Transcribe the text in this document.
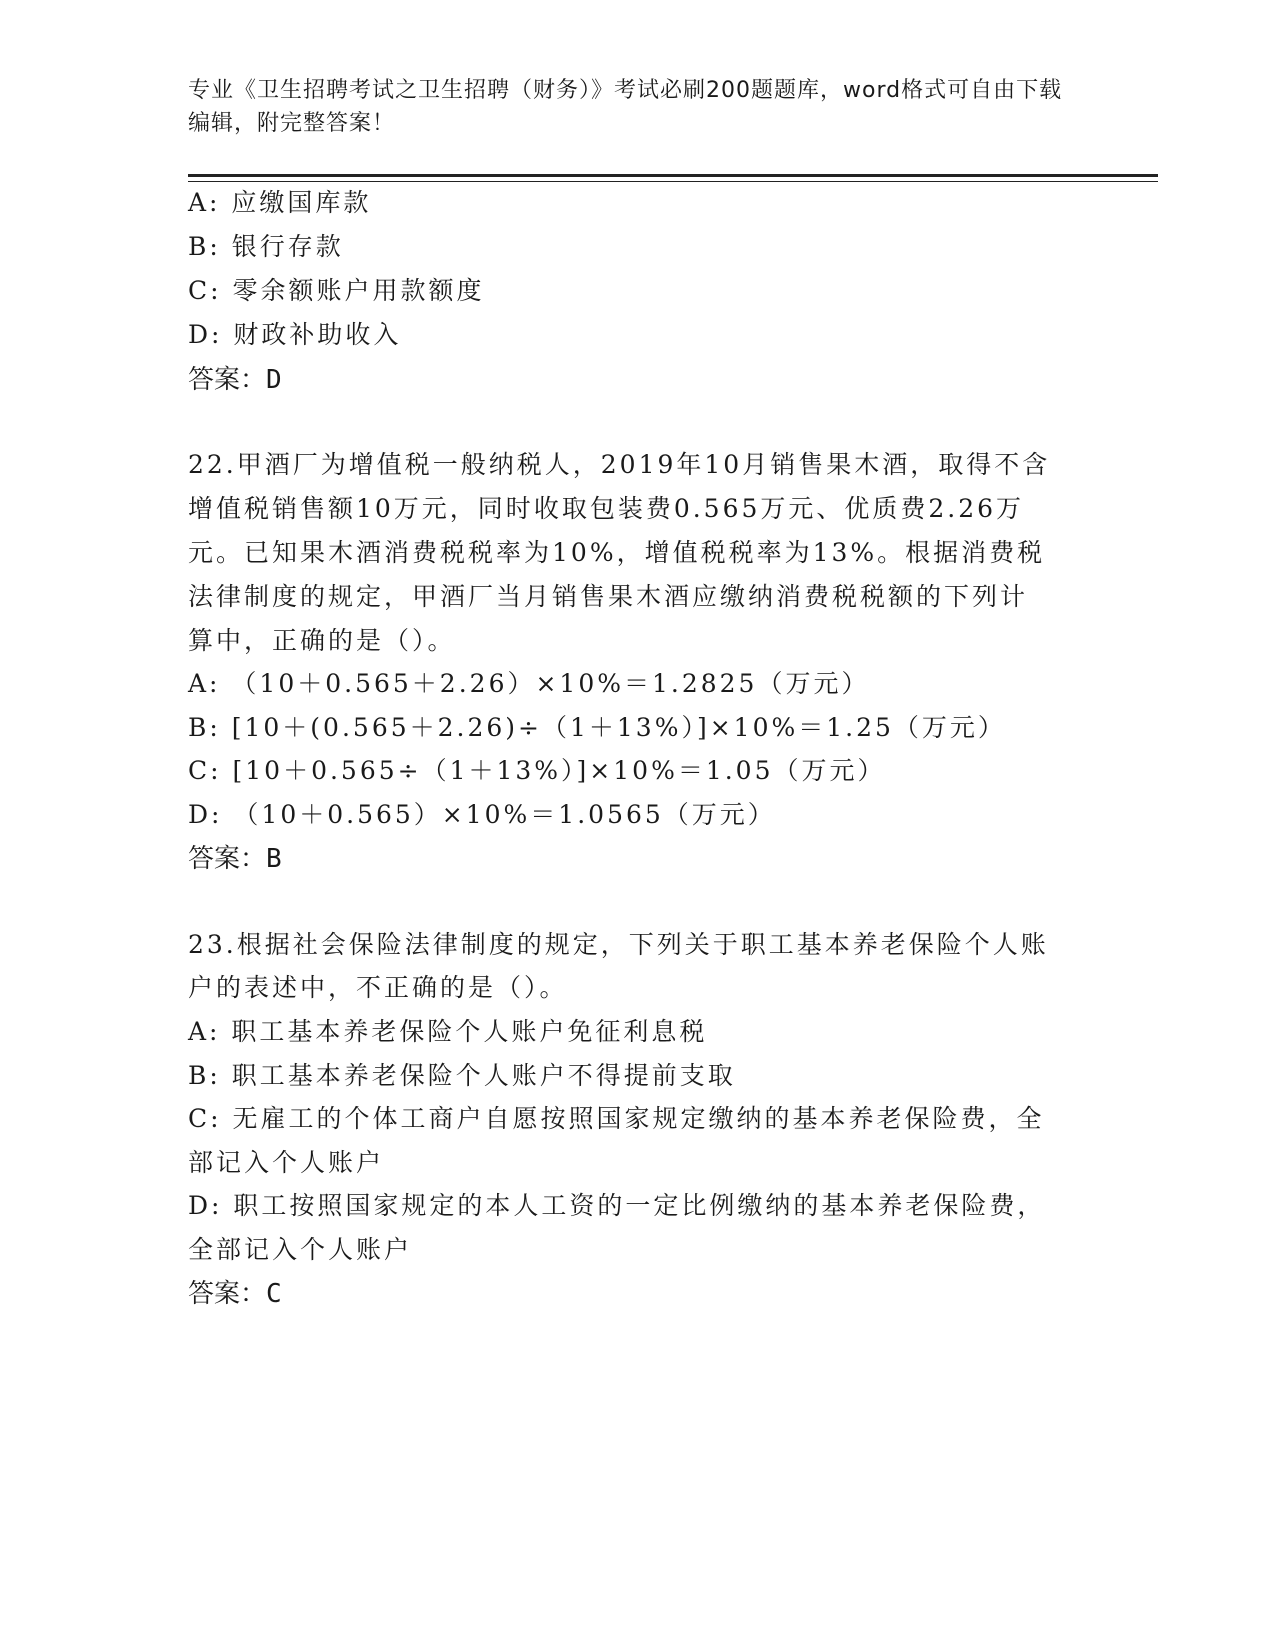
专业《卫生招聘考试之卫生招聘（财务）》考试必刷200题题库，word格式可自由下载编辑，附完整答案！
A: 应缴国库款
B: 银行存款
C: 零余额账户用款额度
D: 财政补助收入
答案：D
22.甲酒厂为增值税一般纳税人，2019年10月销售果木酒，取得不含
增值税销售额10万元，同时收取包装费0.565万元、优质费2.26万
元。已知果木酒消费税税率为10%，增值税税率为13%。根据消费税
法律制度的规定，甲酒厂当月销售果木酒应缴纳消费税税额的下列计
算中，正确的是（）。
A: （10＋0.565＋2.26）×10%＝1.2825（万元）
B: [10＋(0.565＋2.26)÷（1＋13%）]×10%＝1.25（万元）
C: [10＋0.565÷（1＋13%）]×10%＝1.05（万元）
D: （10＋0.565）×10%＝1.0565（万元）
答案：B
23.根据社会保险法律制度的规定，下列关于职工基本养老保险个人账
户的表述中，不正确的是（）。
A: 职工基本养老保险个人账户免征利息税
B: 职工基本养老保险个人账户不得提前支取
C: 无雇工的个体工商户自愿按照国家规定缴纳的基本养老保险费，全
部记入个人账户
D: 职工按照国家规定的本人工资的一定比例缴纳的基本养老保险费，
全部记入个人账户
答案：C
